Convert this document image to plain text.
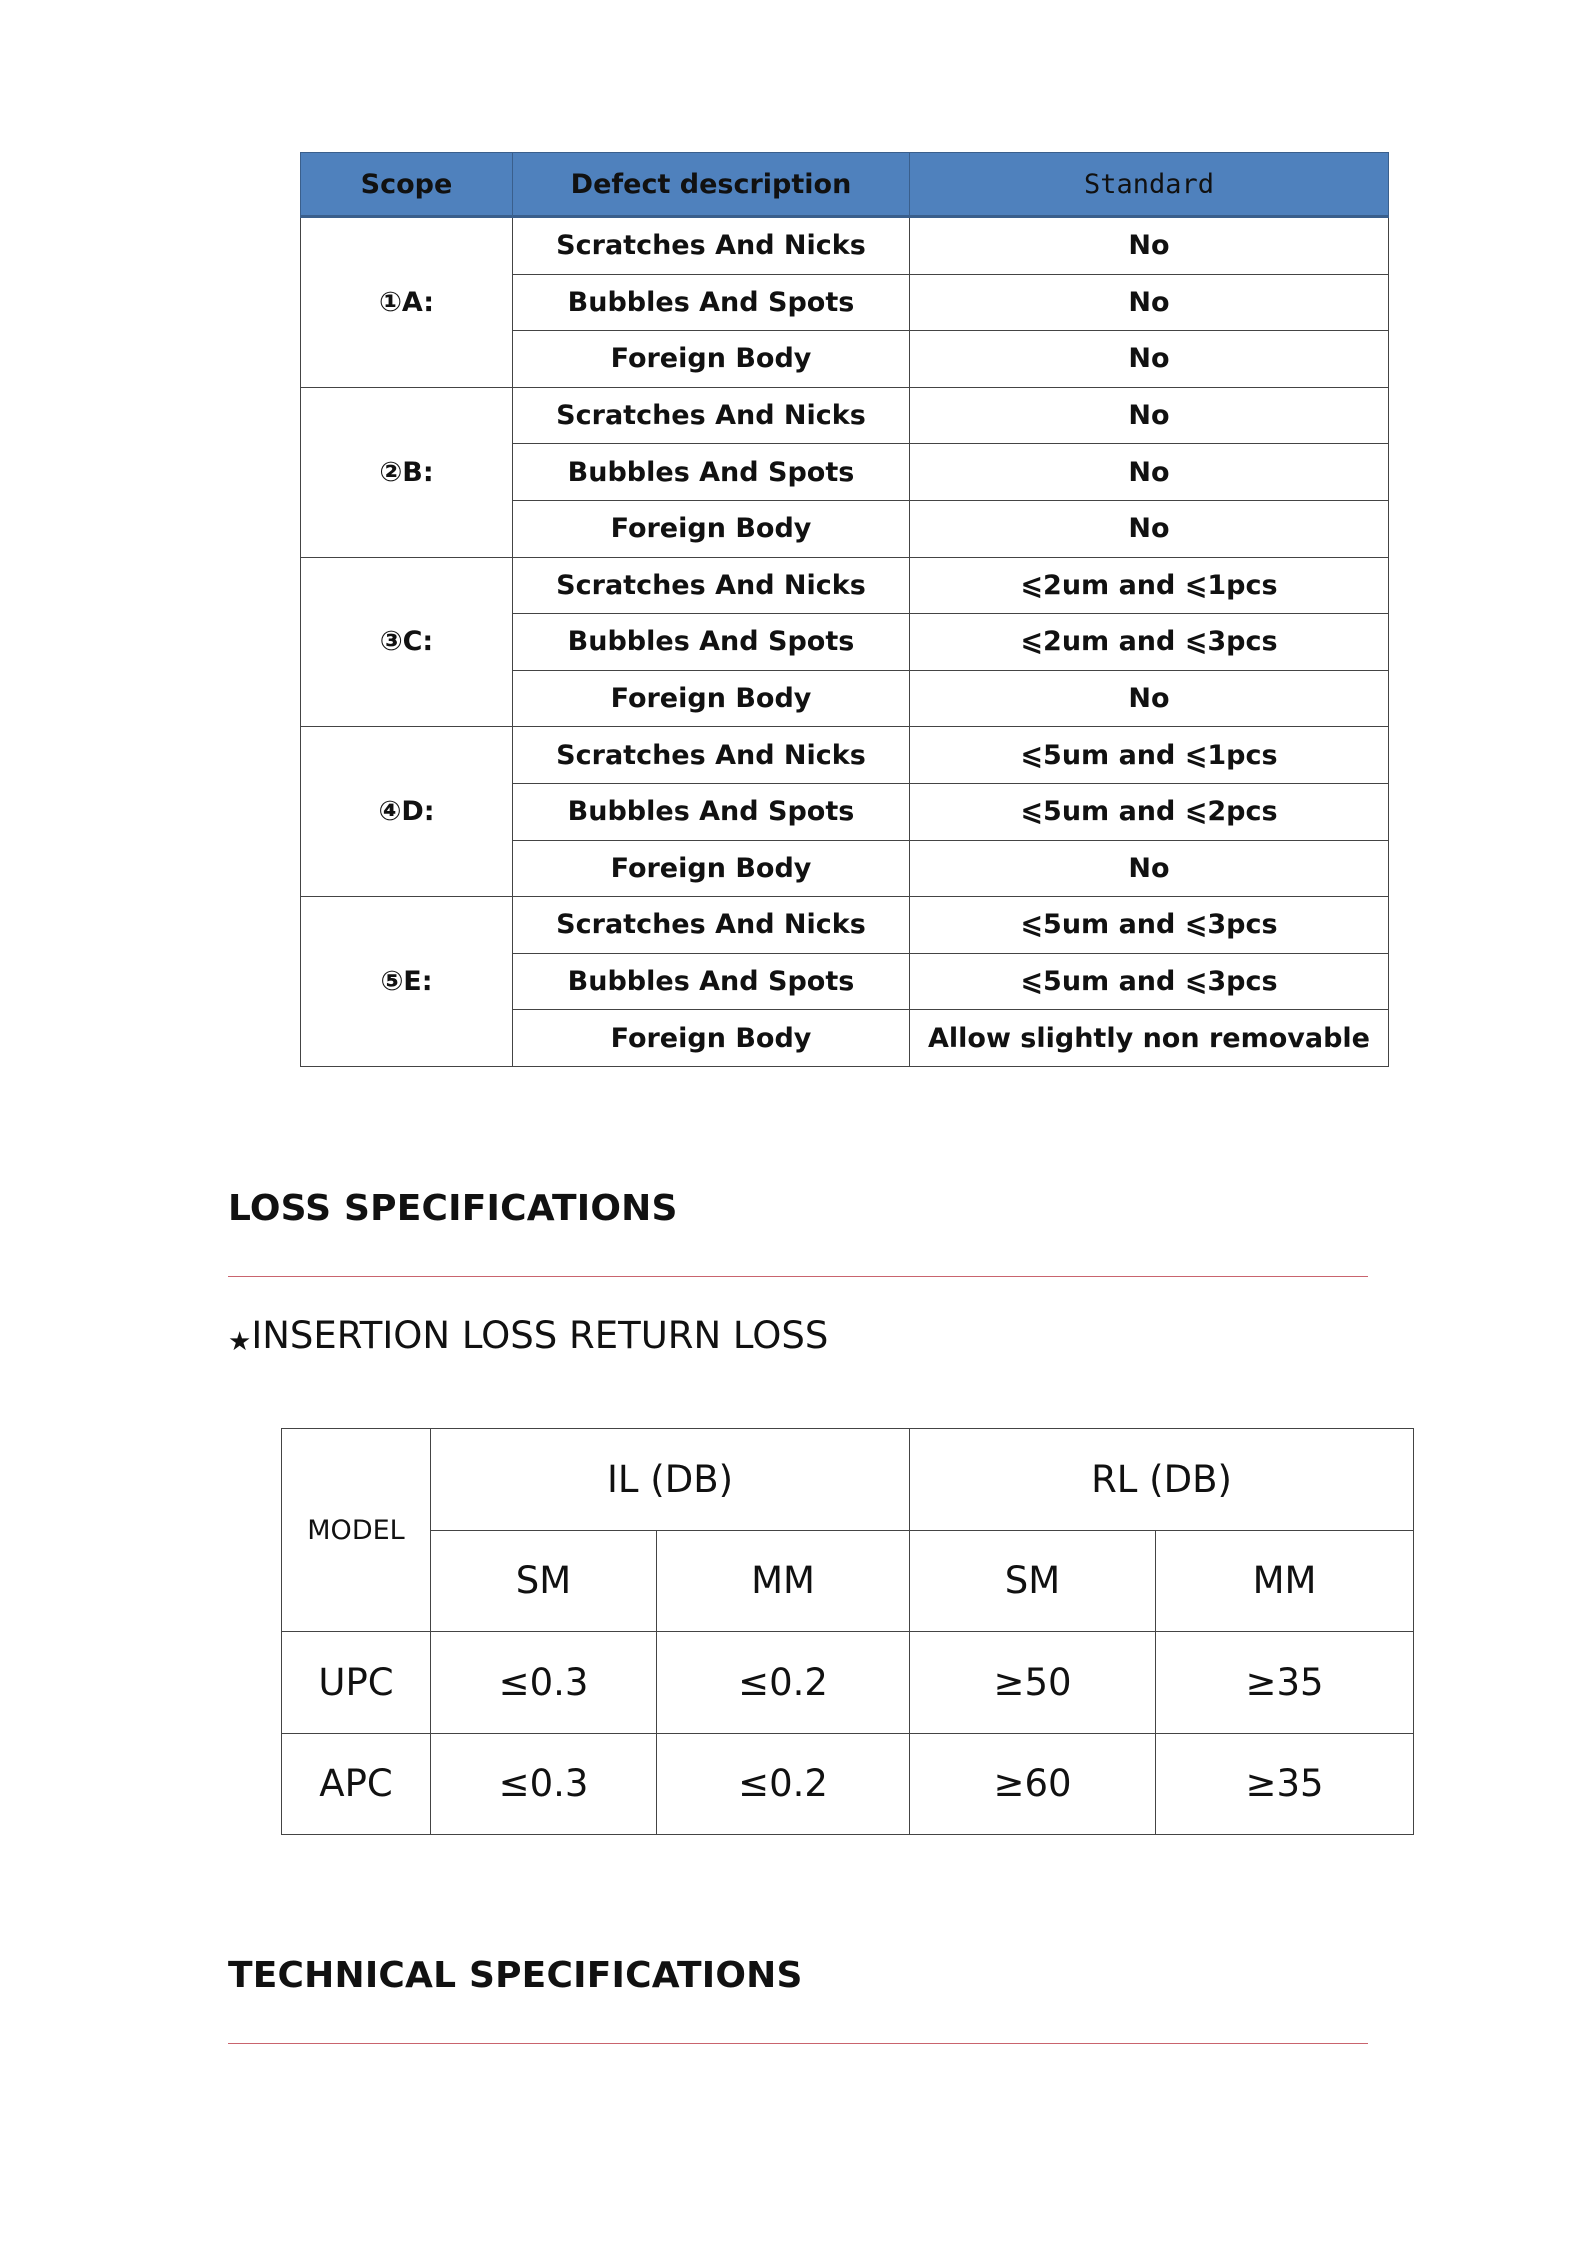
Scope	Defect description	Standard
①A:	Scratches And Nicks	No
	Bubbles And Spots	No
	Foreign Body	No
②B:	Scratches And Nicks	No
	Bubbles And Spots	No
	Foreign Body	No
③C:	Scratches And Nicks	⩽2um and ⩽1pcs
	Bubbles And Spots	⩽2um and ⩽3pcs
	Foreign Body	No
④D:	Scratches And Nicks	⩽5um and ⩽1pcs
	Bubbles And Spots	⩽5um and ⩽2pcs
	Foreign Body	No
⑤E:	Scratches And Nicks	⩽5um and ⩽3pcs
	Bubbles And Spots	⩽5um and ⩽3pcs
	Foreign Body	Allow slightly non removable
LOSS SPECIFICATIONS

★INSERTION LOSS RETURN LOSS

MODEL	IL (DB)		RL (DB)	
	SM	MM	SM	MM
UPC	≤0.3	≤0.2	≥50	≥35
APC	≤0.3	≤0.2	≥60	≥35
TECHNICAL SPECIFICATIONS
